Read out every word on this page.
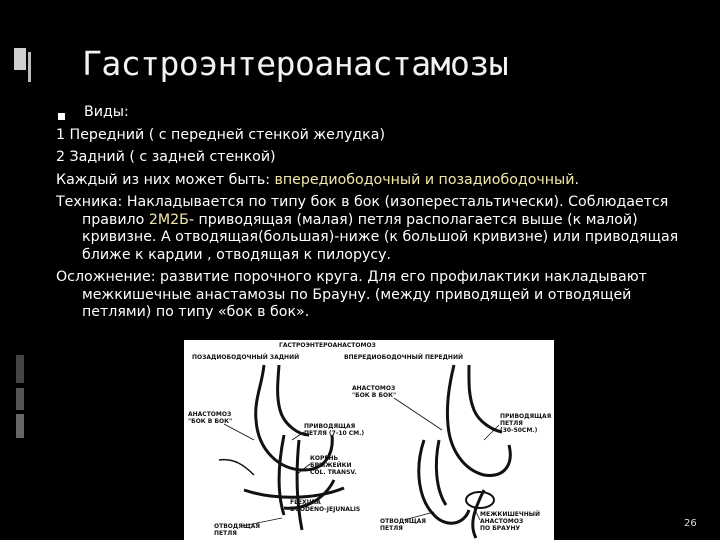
Гастроэнтероанастамозы
Виды:
1 Передний ( с передней стенкой желудка)
2 Задний ( с задней стенкой)
Каждый из них может быть: впередиободочный и позадиободочный.
Техника: Накладывается по типу бок в бок (изоперестальтически). Соблюдается правило 2М2Б- приводящая (малая) петля располагается выше (к малой) кривизне. А отводящая(большая)-ниже (к большой кривизне) или приводящая ближе к кардии , отводящая к пилорусу.
Осложнение: развитие порочного круга. Для его профилактики накладывают межкишечные анастамозы по Брауну. (между приводящей и отводящей петлями) по типу «бок в бок».
ГАСТРОЭНТЕРОАНАСТОМОЗ
ПОЗАДИОБОДОЧНЫЙ ЗАДНИЙ	ВПЕРЕДИОБОДОЧНЫЙ ПЕРЕДНИЙ
АНАСТОМОЗ
"БОК В БОК"
ПРИВОДЯЩАЯ
ПЕТЛЯ (7-10 СМ.)
КОРЕНЬ
БРЫЖЕЙКИ
COL. TRANSV.
FLEXURA
DUODENO-JEJUNALIS
ОТВОДЯЩАЯ
ПЕТЛЯ
АНАСТОМОЗ
"БОК В БОК"
ПРИВОДЯЩАЯ
ПЕТЛЯ
(30-50СМ.)
МЕЖКИШЕЧНЫЙ
АНАСТОМОЗ
ПО БРАУНУ
ОТВОДЯЩАЯ
ПЕТЛЯ	26
